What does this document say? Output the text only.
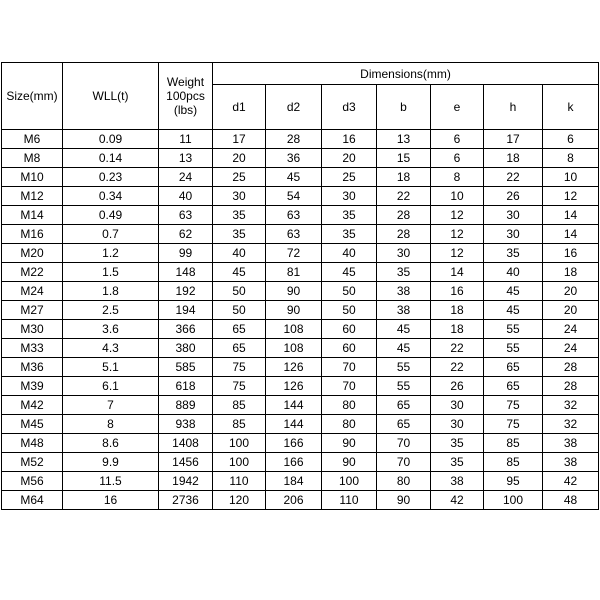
Size(mm)	WLL(t)	Weight
100pcs
(lbs)	Dimensions(mm)						
			d1	d2	d3	b	e	h	k
M6	0.09	11	17	28	16	13	6	17	6
M8	0.14	13	20	36	20	15	6	18	8
M10	0.23	24	25	45	25	18	8	22	10
M12	0.34	40	30	54	30	22	10	26	12
M14	0.49	63	35	63	35	28	12	30	14
M16	0.7	62	35	63	35	28	12	30	14
M20	1.2	99	40	72	40	30	12	35	16
M22	1.5	148	45	81	45	35	14	40	18
M24	1.8	192	50	90	50	38	16	45	20
M27	2.5	194	50	90	50	38	18	45	20
M30	3.6	366	65	108	60	45	18	55	24
M33	4.3	380	65	108	60	45	22	55	24
M36	5.1	585	75	126	70	55	22	65	28
M39	6.1	618	75	126	70	55	26	65	28
M42	7	889	85	144	80	65	30	75	32
M45	8	938	85	144	80	65	30	75	32
M48	8.6	1408	100	166	90	70	35	85	38
M52	9.9	1456	100	166	90	70	35	85	38
M56	11.5	1942	110	184	100	80	38	95	42
M64	16	2736	120	206	110	90	42	100	48
